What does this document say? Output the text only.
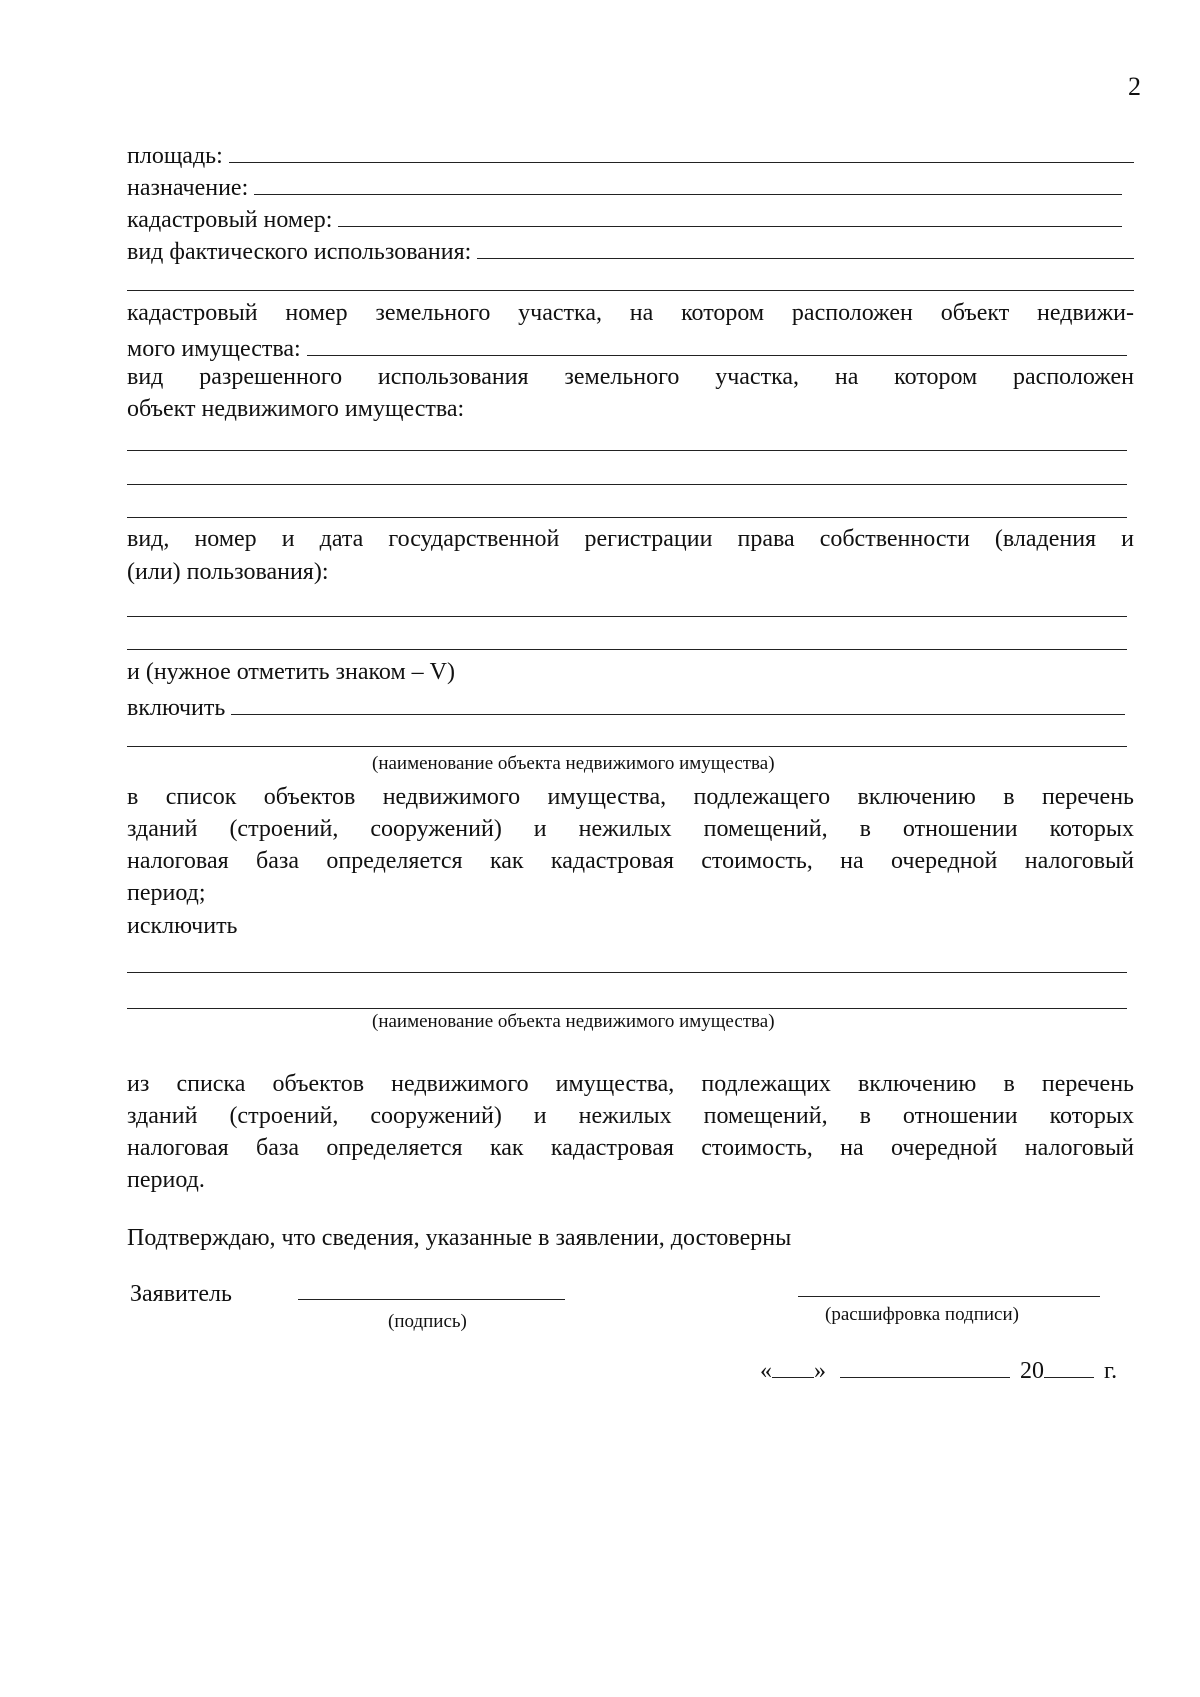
2
площадь:
назначение:
кадастровый номер:
вид фактического использования:
кадастровый номер земельного участка, на котором расположен объект недвижи-
мого имущества:
вид разрешенного использования земельного участка, на котором расположен
объект недвижимого имущества:
вид, номер и дата государственной регистрации права собственности (владения и
(или) пользования):
и (нужное отметить знаком – V)
включить
(наименование объекта недвижимого имущества)
в список объектов недвижимого имущества, подлежащего включению в перечень
зданий (строений, сооружений) и нежилых помещений, в отношении которых
налоговая база определяется как кадастровая стоимость, на очередной налоговый
период;
исключить
(наименование объекта недвижимого имущества)
из списка объектов недвижимого имущества, подлежащих включению в перечень
зданий (строений, сооружений) и нежилых помещений, в отношении которых
налоговая база определяется как кадастровая стоимость, на очередной налоговый
период.
Подтверждаю, что сведения, указанные в заявлении, достоверны
Заявитель
(подпись)	(расшифровка подписи)
« »	20	г.
